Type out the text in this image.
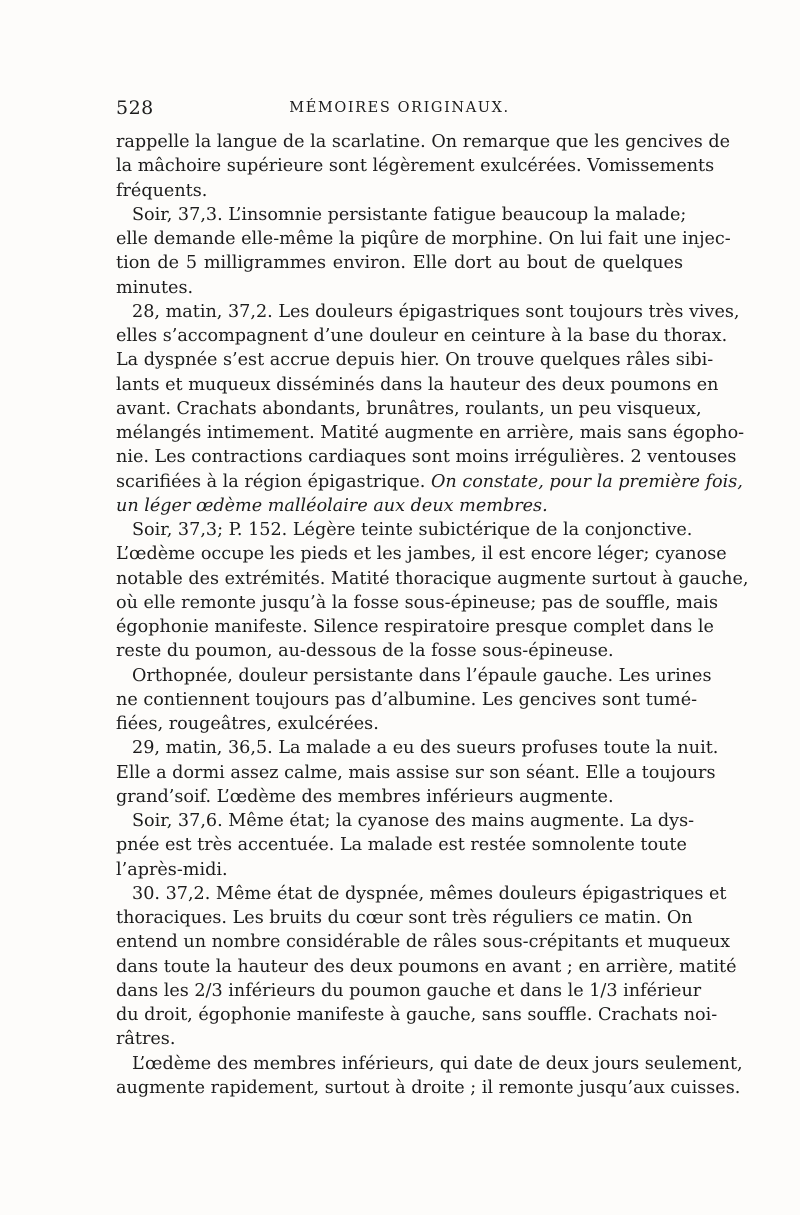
528	MÉMOIRES ORIGINAUX.
rappelle la langue de la scarlatine. On remarque que les gencives de
la mâchoire supérieure sont légèrement exulcérées. Vomissements
fréquents.
Soir, 37,3. L’insomnie persistante fatigue beaucoup la malade;
elle demande elle-même la piqûre de morphine. On lui fait une injec-
tion de 5 milligrammes environ. Elle dort au bout de quelques
minutes.
28, matin, 37,2. Les douleurs épigastriques sont toujours très vives,
elles s’accompagnent d’une douleur en ceinture à la base du thorax.
La dyspnée s’est accrue depuis hier. On trouve quelques râles sibi-
lants et muqueux disséminés dans la hauteur des deux poumons en
avant. Crachats abondants, brunâtres, roulants, un peu visqueux,
mélangés intimement. Matité augmente en arrière, mais sans égopho-
nie. Les contractions cardiaques sont moins irrégulières. 2 ventouses
scarifiées à la région épigastrique. On constate, pour la première fois,
un léger œdème malléolaire aux deux membres.
Soir, 37,3; P. 152. Légère teinte subictérique de la conjonctive.
L’œdème occupe les pieds et les jambes, il est encore léger; cyanose
notable des extrémités. Matité thoracique augmente surtout à gauche,
où elle remonte jusqu’à la fosse sous-épineuse; pas de souffle, mais
égophonie manifeste. Silence respiratoire presque complet dans le
reste du poumon, au-dessous de la fosse sous-épineuse.
Orthopnée, douleur persistante dans l’épaule gauche. Les urines
ne contiennent toujours pas d’albumine. Les gencives sont tumé-
fiées, rougeâtres, exulcérées.
29, matin, 36,5. La malade a eu des sueurs profuses toute la nuit.
Elle a dormi assez calme, mais assise sur son séant. Elle a toujours
grand’soif. L’œdème des membres inférieurs augmente.
Soir, 37,6. Même état; la cyanose des mains augmente. La dys-
pnée est très accentuée. La malade est restée somnolente toute
l’après-midi.
30. 37,2. Même état de dyspnée, mêmes douleurs épigastriques et
thoraciques. Les bruits du cœur sont très réguliers ce matin. On
entend un nombre considérable de râles sous-crépitants et muqueux
dans toute la hauteur des deux poumons en avant ; en arrière, matité
dans les 2/3 inférieurs du poumon gauche et dans le 1/3 inférieur
du droit, égophonie manifeste à gauche, sans souffle. Crachats noi-
râtres.
L’œdème des membres inférieurs, qui date de deux jours seulement,
augmente rapidement, surtout à droite ; il remonte jusqu’aux cuisses.
